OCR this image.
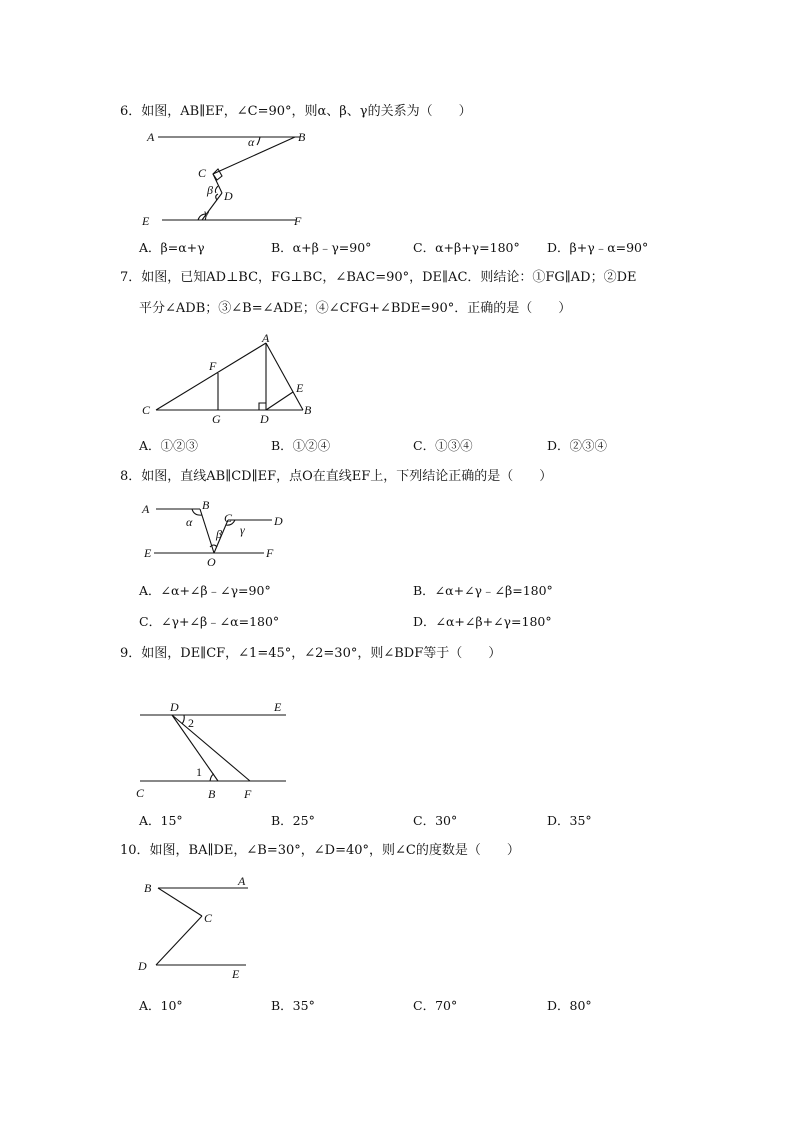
6．如图，AB∥EF，∠C=90°，则α、β、γ的关系为（　　）
A	B
C
D
E	F
α
β
γ
A．β=α+γ	B．α+β﹣γ=90°	C．α+β+γ=180° D．β+γ﹣α=90°
7．如图，已知AD⊥BC，FG⊥BC，∠BAC=90°，DE∥AC．则结论：①FG∥AD；②DE
平分∠ADB；③∠B=∠ADE；④∠CFG+∠BDE=90°．正确的是（　　）
A
B
C
D
E
F
G
A．①②③	B．①②④	C．①③④	D．②③④
8．如图，直线AB∥CD∥EF，点O在直线EF上，下列结论正确的是（　　）
A	B
C	D
E	F
O
α
β γ
A．∠α+∠β﹣∠γ=90°	B．∠α+∠γ﹣∠β=180°
C．∠γ+∠β﹣∠α=180°	D．∠α+∠β+∠γ=180°
9．如图，DE∥CF，∠1=45°，∠2=30°，则∠BDF等于（　　）
D	E
C	B F
1
2
A．15°	B．25°	C．30°	D．35°
10．如图，BA∥DE，∠B=30°，∠D=40°，则∠C的度数是（　　）
B	A
C
D
E
A．10°	B．35°	C．70°	D．80°
